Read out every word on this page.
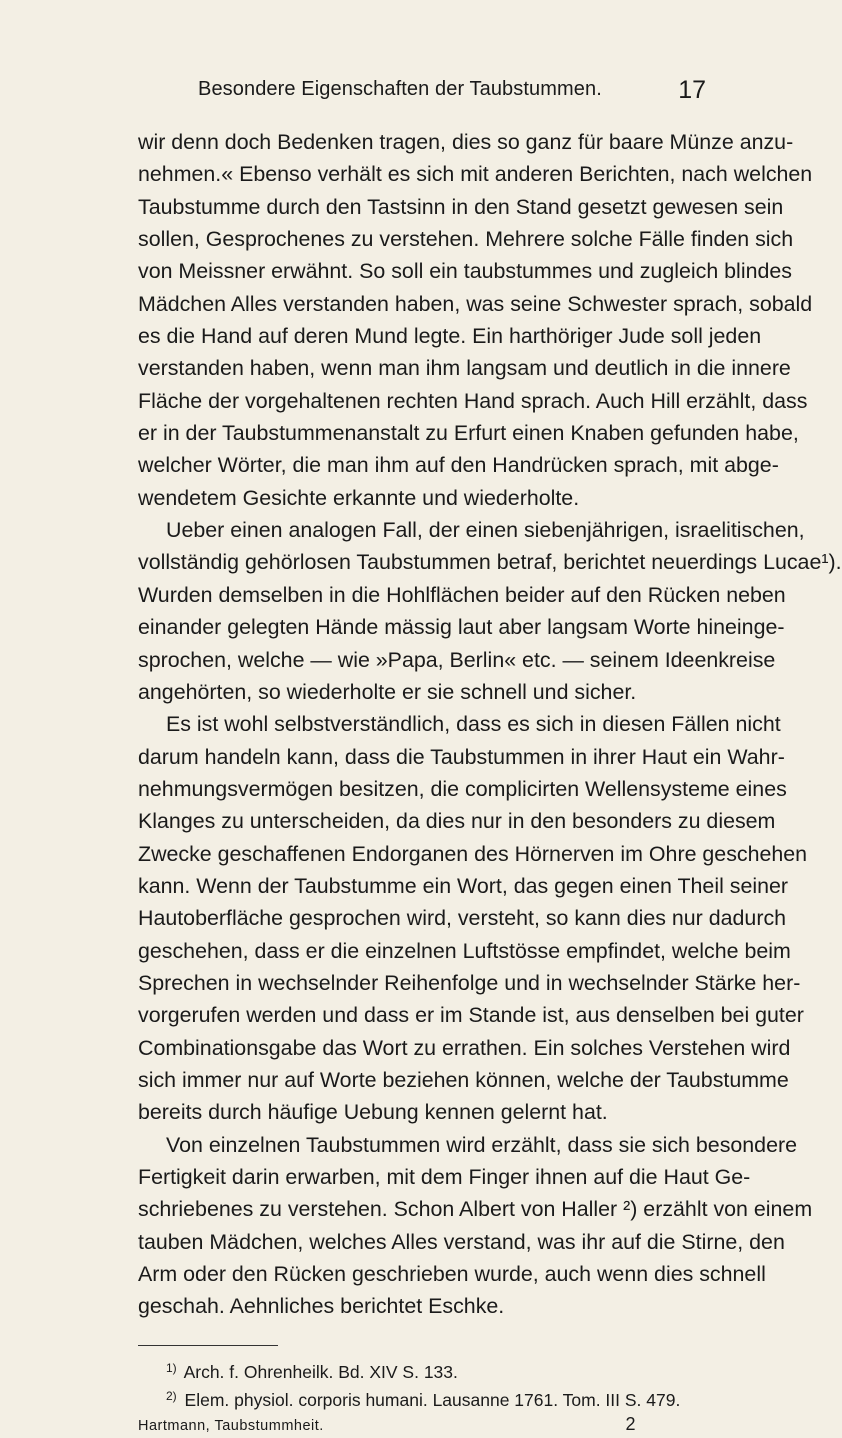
Besondere Eigenschaften der Taubstummen.	17
wir denn doch Bedenken tragen, dies so ganz für baare Münze anzu-
nehmen.« Ebenso verhält es sich mit anderen Berichten, nach welchen
Taubstumme durch den Tastsinn in den Stand gesetzt gewesen sein
sollen, Gesprochenes zu verstehen. Mehrere solche Fälle finden sich
von Meissner erwähnt. So soll ein taubstummes und zugleich blindes
Mädchen Alles verstanden haben, was seine Schwester sprach, sobald
es die Hand auf deren Mund legte. Ein harthöriger Jude soll jeden
verstanden haben, wenn man ihm langsam und deutlich in die innere
Fläche der vorgehaltenen rechten Hand sprach. Auch Hill erzählt, dass
er in der Taubstummenanstalt zu Erfurt einen Knaben gefunden habe,
welcher Wörter, die man ihm auf den Handrücken sprach, mit abge-
wendetem Gesichte erkannte und wiederholte.
Ueber einen analogen Fall, der einen siebenjährigen, israelitischen,
vollständig gehörlosen Taubstummen betraf, berichtet neuerdings Lucae¹).
Wurden demselben in die Hohlflächen beider auf den Rücken neben
einander gelegten Hände mässig laut aber langsam Worte hineinge-
sprochen, welche — wie »Papa, Berlin« etc. — seinem Ideenkreise
angehörten, so wiederholte er sie schnell und sicher.
Es ist wohl selbstverständlich, dass es sich in diesen Fällen nicht
darum handeln kann, dass die Taubstummen in ihrer Haut ein Wahr-
nehmungsvermögen besitzen, die complicirten Wellensysteme eines
Klanges zu unterscheiden, da dies nur in den besonders zu diesem
Zwecke geschaffenen Endorganen des Hörnerven im Ohre geschehen
kann. Wenn der Taubstumme ein Wort, das gegen einen Theil seiner
Hautoberfläche gesprochen wird, versteht, so kann dies nur dadurch
geschehen, dass er die einzelnen Luftstösse empfindet, welche beim
Sprechen in wechselnder Reihenfolge und in wechselnder Stärke her-
vorgerufen werden und dass er im Stande ist, aus denselben bei guter
Combinationsgabe das Wort zu errathen. Ein solches Verstehen wird
sich immer nur auf Worte beziehen können, welche der Taubstumme
bereits durch häufige Uebung kennen gelernt hat.
Von einzelnen Taubstummen wird erzählt, dass sie sich besondere
Fertigkeit darin erwarben, mit dem Finger ihnen auf die Haut Ge-
schriebenes zu verstehen. Schon Albert von Haller ²) erzählt von einem
tauben Mädchen, welches Alles verstand, was ihr auf die Stirne, den
Arm oder den Rücken geschrieben wurde, auch wenn dies schnell
geschah. Aehnliches berichtet Eschke.
$^{1)}$ Arch. f. Ohrenheilk. Bd. XIV S. 133.
$^{2)}$ Elem. physiol. corporis humani. Lausanne 1761. Tom. III S. 479.
Hartmann, Taubstummheit.	2
